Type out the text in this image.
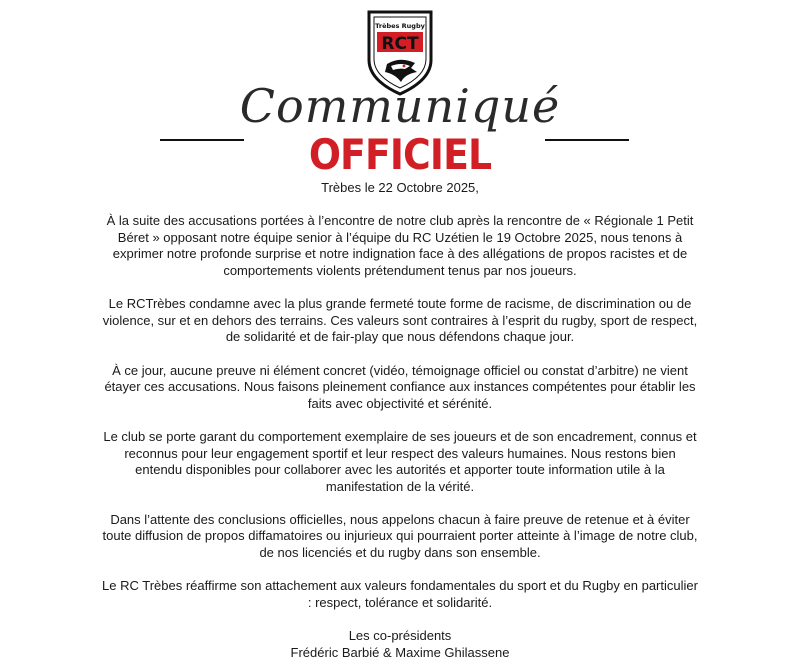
Trèbes Rugby
RCT
Communiqué
OFFICIEL

Trèbes le 22 Octobre 2025,

À la suite des accusations portées à l’encontre de notre club après la rencontre de « Régionale 1 Petit Béret » opposant notre équipe senior à l’équipe du RC Uzétien le 19 Octobre 2025, nous tenons à exprimer notre profonde surprise et notre indignation face à des allégations de propos racistes et de comportements violents prétendument tenus par nos joueurs.

Le RCTrèbes condamne avec la plus grande fermeté toute forme de racisme, de discrimination ou de violence, sur et en dehors des terrains. Ces valeurs sont contraires à l’esprit du rugby, sport de respect, de solidarité et de fair-play que nous défendons chaque jour.

À ce jour, aucune preuve ni élément concret (vidéo, témoignage officiel ou constat d’arbitre) ne vient étayer ces accusations. Nous faisons pleinement confiance aux instances compétentes pour établir les faits avec objectivité et sérénité.

Le club se porte garant du comportement exemplaire de ses joueurs et de son encadrement, connus et reconnus pour leur engagement sportif et leur respect des valeurs humaines. Nous restons bien entendu disponibles pour collaborer avec les autorités et apporter toute information utile à la manifestation de la vérité.

Dans l’attente des conclusions officielles, nous appelons chacun à faire preuve de retenue et à éviter toute diffusion de propos diffamatoires ou injurieux qui pourraient porter atteinte à l’image de notre club, de nos licenciés et du rugby dans son ensemble.

Le RC Trèbes réaffirme son attachement aux valeurs fondamentales du sport et du Rugby en particulier : respect, tolérance et solidarité.

Les co-présidents
Frédéric Barbié & Maxime Ghilassene
